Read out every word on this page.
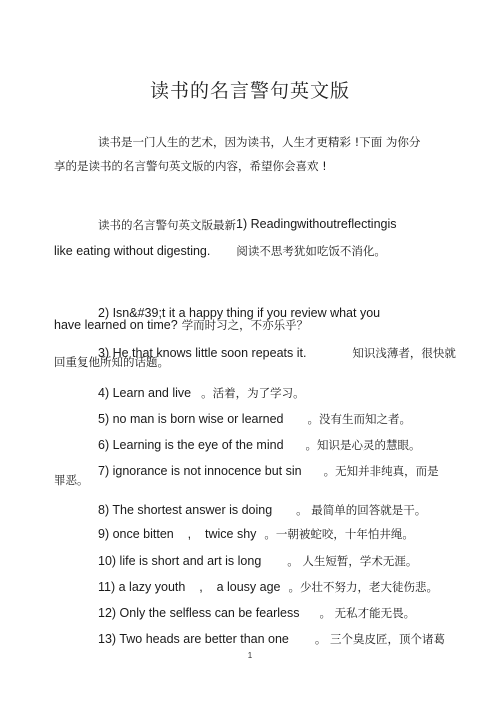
读书的名言警句英文版
读书是一门人生的艺术，因为读书，人生才更精彩 !下面 为你分
享的是读书的名言警句英文版的内容，希望你会喜欢 !
读书的名言警句英文版最新 1) Reading without reflecting is
like eating without digesting. 阅读不思考犹如吃饭不消化。
2) Isn&#39;t it a happy thing if you review what you
have learned on time? 学而时习之，不亦乐乎？
3) He that knows little soon repeats it.	知识浅薄者，很快就
回重复他所知的话题。
4) Learn and live 。活着，为了学习。
5) no man is born wise or learned 。没有生而知之者。
6) Learning is the eye of the mind 。知识是心灵的慧眼。
7) ignorance is not innocence but sin 。无知并非纯真，而是
罪恶。
8) The shortest answer is doing 。 最简单的回答就是干。
9) once bitten    ,    twice shy 。一朝被蛇咬，十年怕井绳。
10) life is short and art is long 。 人生短暂，学术无涯。
11) a lazy youth    ,    a lousy age 。少壮不努力，老大徒伤悲。
12) Only the selfless can be fearless 。 无私才能无畏。
13) Two heads are better than one 。 三个臭皮匠，顶个诸葛
1
